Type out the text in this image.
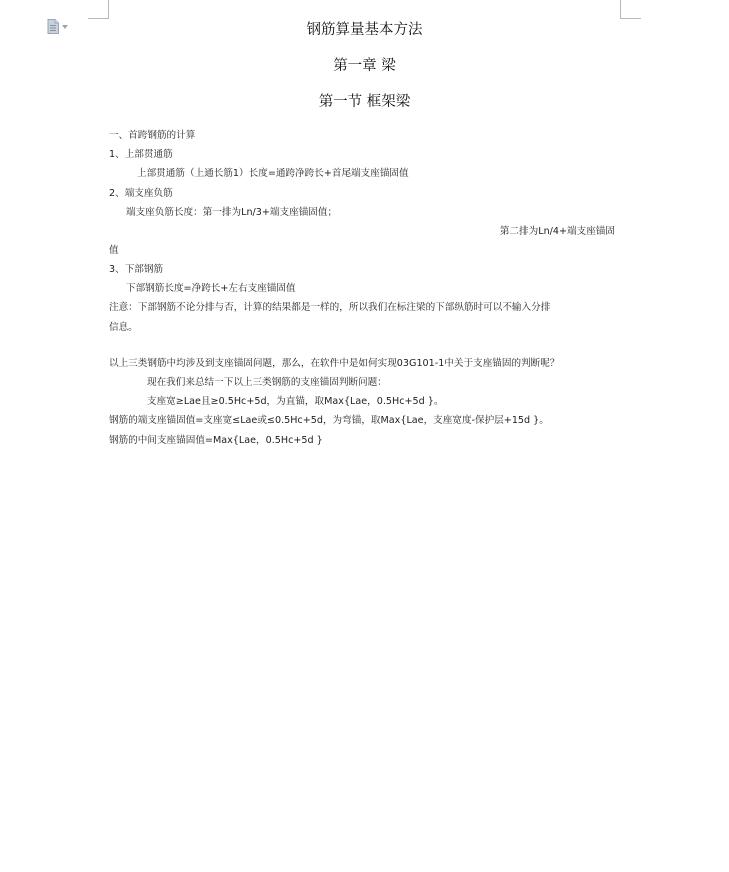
钢筋算量基本方法
第一章 梁
第一节 框架梁
一、首跨钢筋的计算
1、上部贯通筋
上部贯通筋（上通长筋1）长度=通跨净跨长+首尾端支座锚固值
2、端支座负筋
端支座负筋长度：第一排为Ln/3+端支座锚固值；
第二排为Ln/4+端支座锚固
值
3、下部钢筋
下部钢筋长度=净跨长+左右支座锚固值
注意：下部钢筋不论分排与否，计算的结果都是一样的，所以我们在标注梁的下部纵筋时可以不输入分排
信息。
以上三类钢筋中均涉及到支座锚固问题，那么，在软件中是如何实现03G101-1中关于支座锚固的判断呢？
现在我们来总结一下以上三类钢筋的支座锚固判断问题：
支座宽≥Lae且≥0.5Hc+5d，为直锚，取Max{Lae，0.5Hc+5d }。
钢筋的端支座锚固值=支座宽≤Lae或≤0.5Hc+5d，为弯锚，取Max{Lae，支座宽度-保护层+15d }。
钢筋的中间支座锚固值=Max{Lae，0.5Hc+5d }
